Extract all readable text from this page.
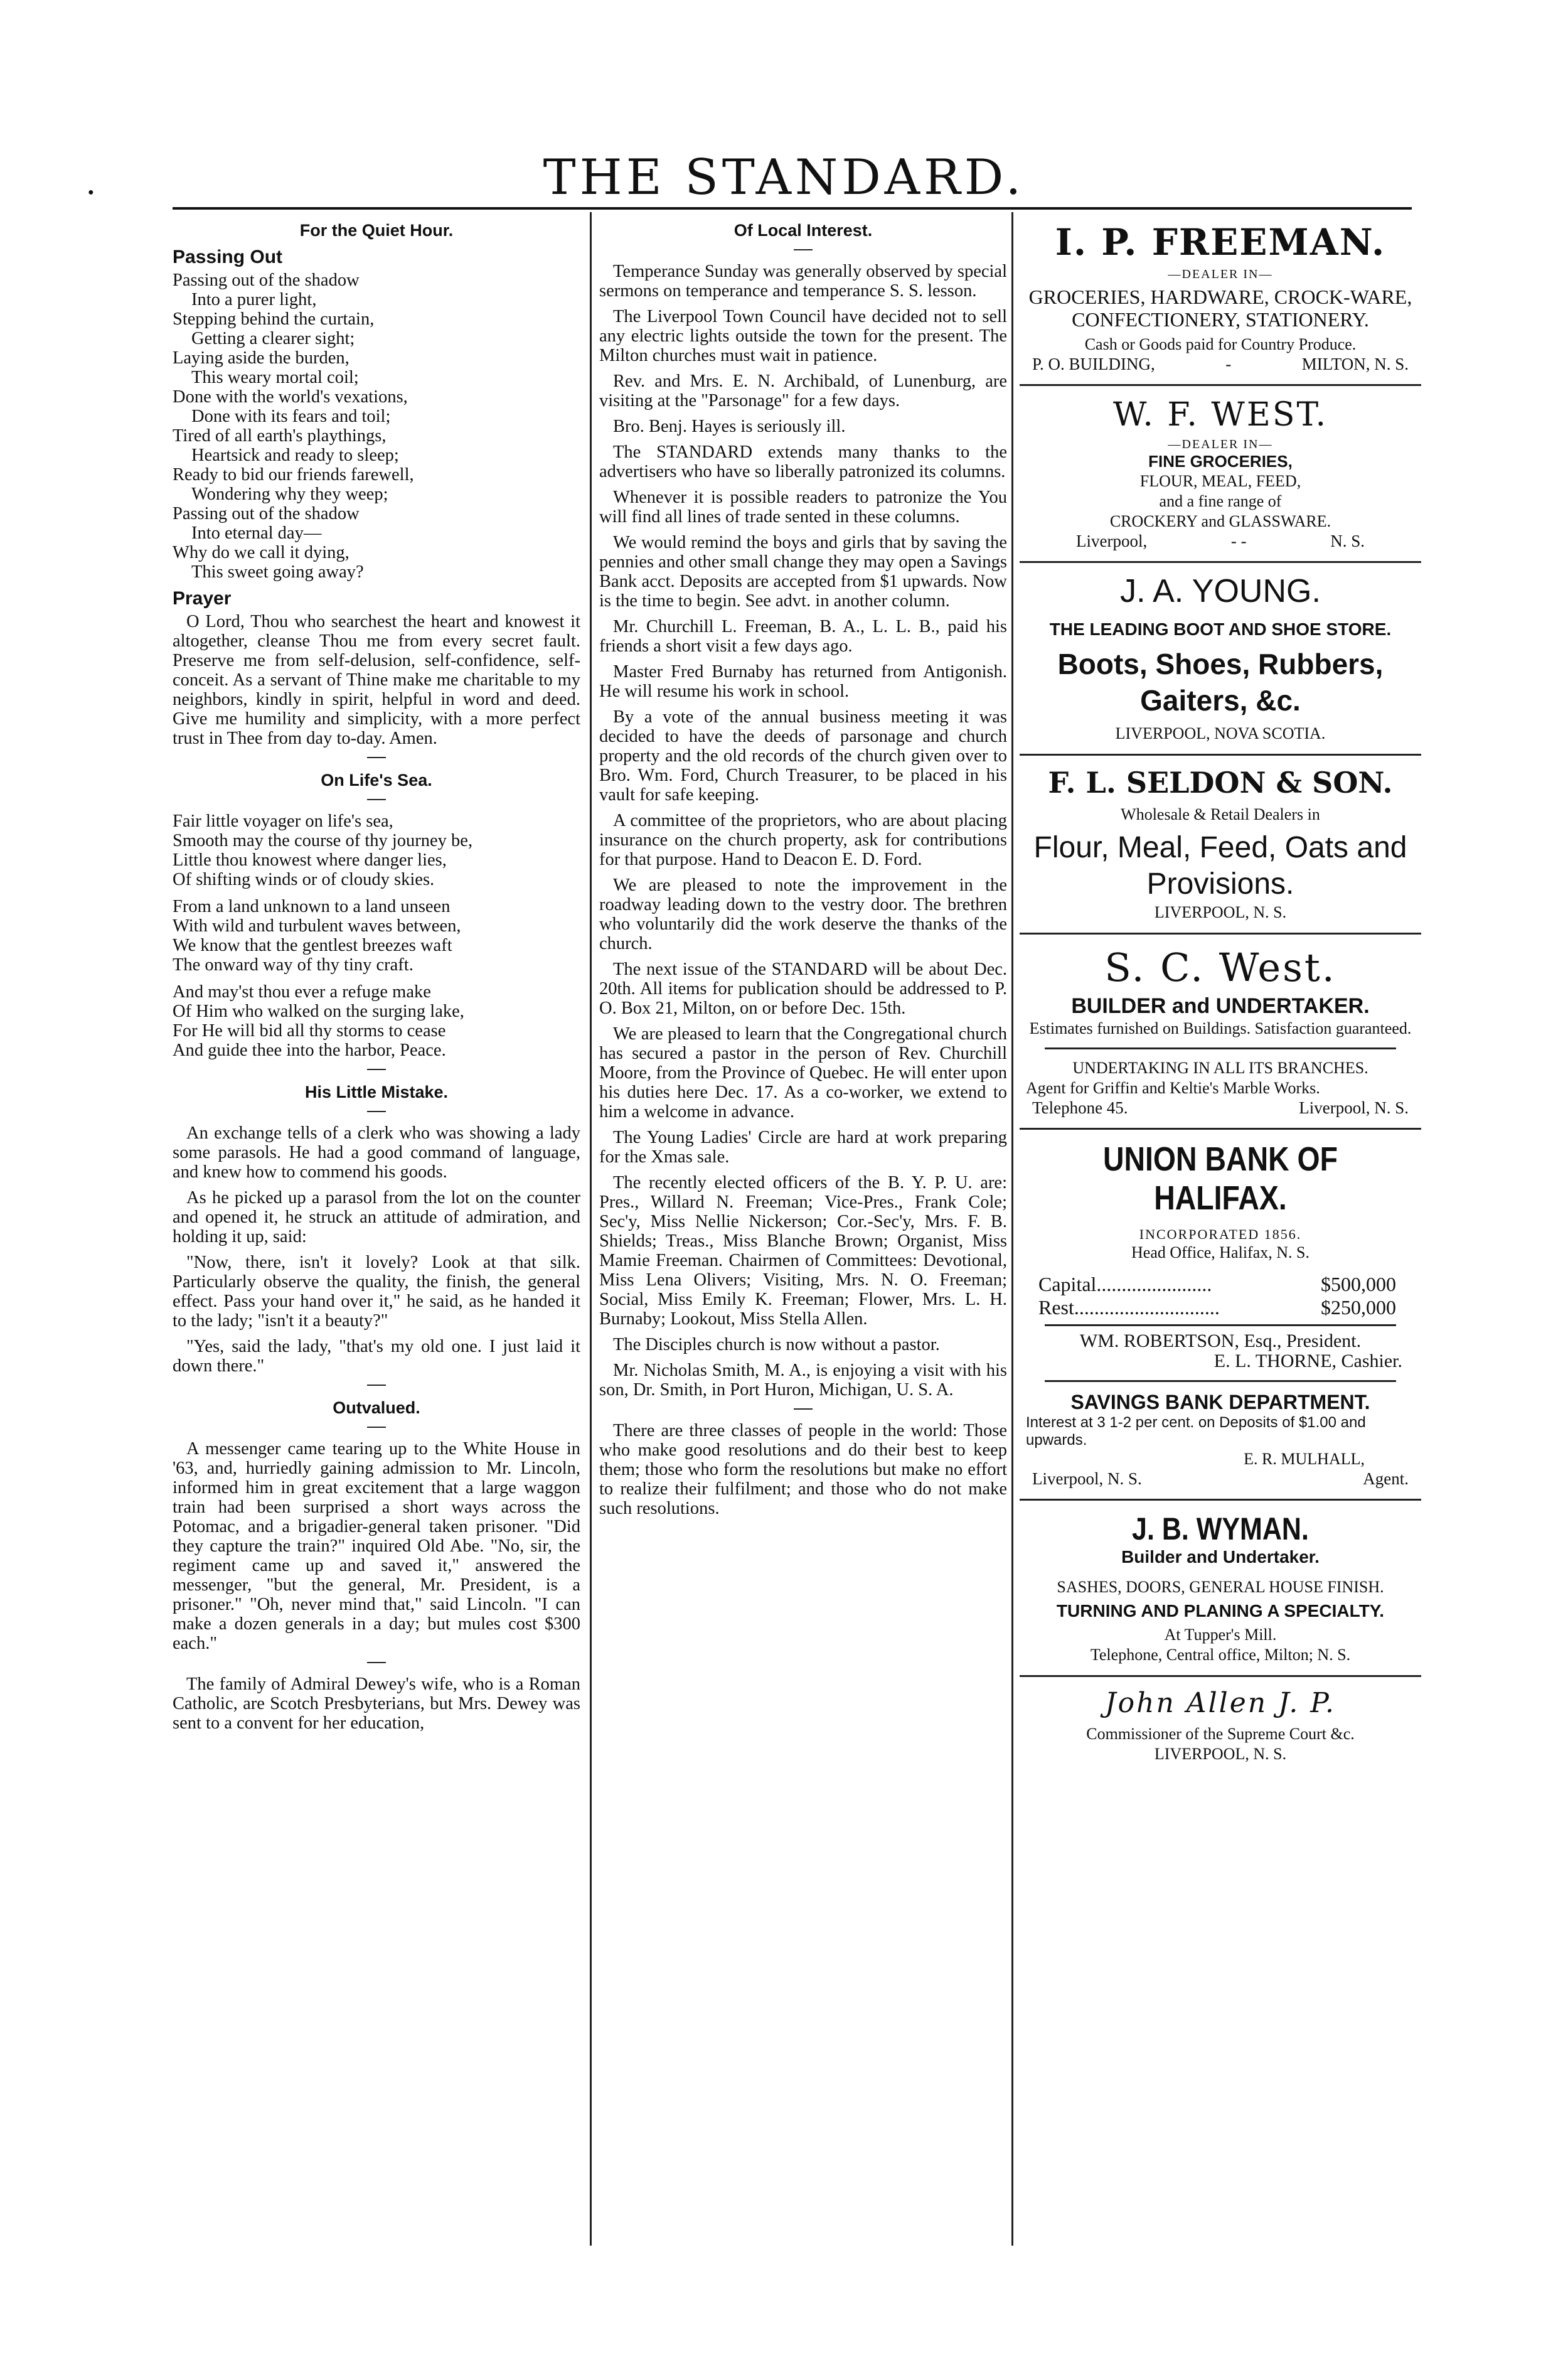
THE STANDARD.
●
For the Quiet Hour.
Passing Out
Passing out of the shadow
Into a purer light,
Stepping behind the curtain,
Getting a clearer sight;
Laying aside the burden,
This weary mortal coil;
Done with the world's vexations,
Done with its fears and toil;
Tired of all earth's playthings,
Heartsick and ready to sleep;
Ready to bid our friends farewell,
Wondering why they weep;
Passing out of the shadow
Into eternal day—
Why do we call it dying,
This sweet going away?
Prayer

O Lord, Thou who searchest the heart and knowest it altogether, cleanse Thou me from every secret fault. Preserve me from self-delusion, self-confidence, self-conceit. As a servant of Thine make me charitable to my neighbors, kindly in spirit, helpful in word and deed. Give me humility and simplicity, with a more perfect trust in Thee from day to-day. Amen.

On Life's Sea.
Fair little voyager on life's sea,
Smooth may the course of thy journey be,
Little thou knowest where danger lies,
Of shifting winds or of cloudy skies.
From a land unknown to a land unseen
With wild and turbulent waves between,
We know that the gentlest breezes waft
The onward way of thy tiny craft.
And may'st thou ever a refuge make
Of Him who walked on the surging lake,
For He will bid all thy storms to cease
And guide thee into the harbor, Peace.
His Little Mistake.

An exchange tells of a clerk who was showing a lady some parasols. He had a good command of language, and knew how to commend his goods.

As he picked up a parasol from the lot on the counter and opened it, he struck an attitude of admiration, and holding it up, said:

"Now, there, isn't it lovely? Look at that silk. Particularly observe the quality, the finish, the general effect. Pass your hand over it," he said, as he handed it to the lady; "isn't it a beauty?"

"Yes, said the lady, "that's my old one. I just laid it down there."

Outvalued.

A messenger came tearing up to the White House in '63, and, hurriedly gaining admission to Mr. Lincoln, informed him in great excitement that a large waggon train had been surprised a short ways across the Potomac, and a brigadier-general taken prisoner. "Did they capture the train?" inquired Old Abe. "No, sir, the regiment came up and saved it," answered the messenger, "but the general, Mr. President, is a prisoner." "Oh, never mind that," said Lincoln. "I can make a dozen generals in a day; but mules cost $300 each."

The family of Admiral Dewey's wife, who is a Roman Catholic, are Scotch Presbyterians, but Mrs. Dewey was sent to a convent for her education,

Of Local Interest.

Temperance Sunday was generally observed by special sermons on temperance and temperance S. S. lesson.

The Liverpool Town Council have decided not to sell any electric lights outside the town for the present. The Milton churches must wait in patience.

Rev. and Mrs. E. N. Archibald, of Lunenburg, are visiting at the "Parsonage" for a few days.

Bro. Benj. Hayes is seriously ill.

The STANDARD extends many thanks to the advertisers who have so liberally patronized its columns.

Whenever it is possible readers to patronize the You will find all lines of trade sented in these columns.

We would remind the boys and girls that by saving the pennies and other small change they may open a Savings Bank acct. Deposits are accepted from $1 upwards. Now is the time to begin. See advt. in another column.

Mr. Churchill L. Freeman, B. A., L. L. B., paid his friends a short visit a few days ago.

Master Fred Burnaby has returned from Antigonish. He will resume his work in school.

By a vote of the annual business meeting it was decided to have the deeds of parsonage and church property and the old records of the church given over to Bro. Wm. Ford, Church Treasurer, to be placed in his vault for safe keeping.

A committee of the proprietors, who are about placing insurance on the church property, ask for contributions for that purpose. Hand to Deacon E. D. Ford.

We are pleased to note the improvement in the roadway leading down to the vestry door. The brethren who voluntarily did the work deserve the thanks of the church.

The next issue of the STANDARD will be about Dec. 20th. All items for publication should be addressed to P. O. Box 21, Milton, on or before Dec. 15th.

We are pleased to learn that the Congregational church has secured a pastor in the person of Rev. Churchill Moore, from the Province of Quebec. He will enter upon his duties here Dec. 17. As a co-worker, we extend to him a welcome in advance.

The Young Ladies' Circle are hard at work preparing for the Xmas sale.

The recently elected officers of the B. Y. P. U. are: Pres., Willard N. Freeman; Vice-Pres., Frank Cole; Sec'y, Miss Nellie Nickerson; Cor.-Sec'y, Mrs. F. B. Shields; Treas., Miss Blanche Brown; Organist, Miss Mamie Freeman. Chairmen of Committees: Devotional, Miss Lena Olivers; Visiting, Mrs. N. O. Freeman; Social, Miss Emily K. Freeman; Flower, Mrs. L. H. Burnaby; Lookout, Miss Stella Allen.

The Disciples church is now without a pastor.

Mr. Nicholas Smith, M. A., is enjoying a visit with his son, Dr. Smith, in Port Huron, Michigan, U. S. A.

There are three classes of people in the world: Those who make good resolutions and do their best to keep them; those who form the resolutions but make no effort to realize their fulfilment; and those who do not make such resolutions.

I. P. FREEMAN.
—DEALER IN—
GROCERIES, HARDWARE, CROCK-WARE, CONFECTIONERY, STATIONERY.
Cash or Goods paid for Country Produce.
P. O. BUILDING,	-	MILTON, N. S.
W. F. WEST.
—DEALER IN—
FINE GROCERIES,
FLOUR, MEAL, FEED,
and a fine range of
CROCKERY and GLASSWARE.
Liverpool,	- -	N. S.
J. A. YOUNG.
THE LEADING BOOT AND SHOE STORE.
Boots, Shoes, Rubbers,
Gaiters, &c.
LIVERPOOL, NOVA SCOTIA.
F. L. SELDON & SON.
Wholesale & Retail Dealers in
Flour, Meal, Feed, Oats and
Provisions.
LIVERPOOL, N. S.
S. C. West.
BUILDER and UNDERTAKER.
Estimates furnished on Buildings. Satisfaction guaranteed.
UNDERTAKING IN ALL ITS BRANCHES.
Agent for Griffin and Keltie's Marble Works.
Telephone 45.	Liverpool, N. S.
UNION BANK OF HALIFAX.
INCORPORATED 1856.
Head Office, Halifax, N. S.
Capital.......................	$500,000
Rest.............................	$250,000
WM. ROBERTSON, Esq., President.
E. L. THORNE, Cashier.
SAVINGS BANK DEPARTMENT.
Interest at 3 1-2 per cent. on Deposits of $1.00 and upwards.
E. R. MULHALL,
Liverpool, N. S.	Agent.
J. B. WYMAN.
Builder and Undertaker.
SASHES, DOORS, GENERAL HOUSE FINISH.
TURNING AND PLANING A SPECIALTY.
At Tupper's Mill.
Telephone, Central office, Milton; N. S.
John Allen J. P.
Commissioner of the Supreme Court &c.
LIVERPOOL, N. S.
